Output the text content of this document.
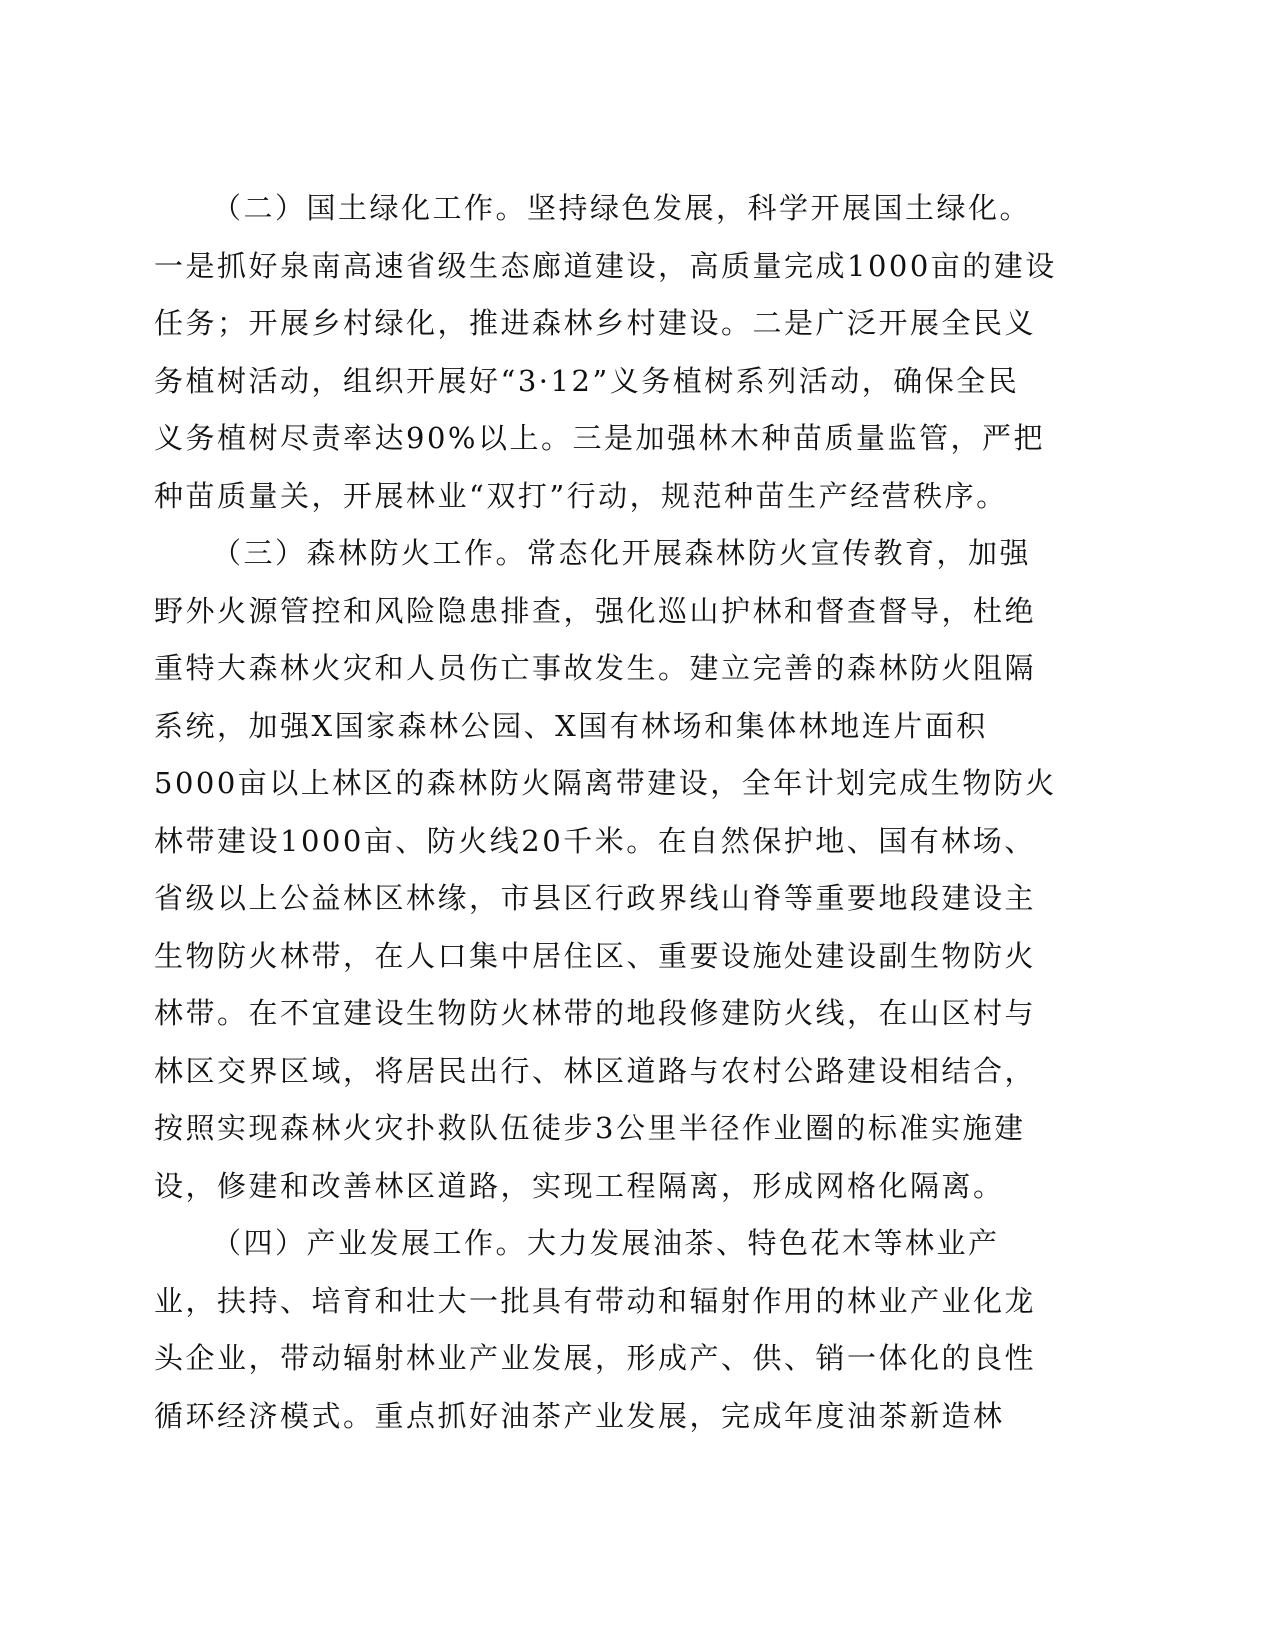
（二）国土绿化工作。坚持绿色发展，科学开展国土绿化。
一是抓好泉南高速省级生态廊道建设，高质量完成1000亩的建设
任务；开展乡村绿化，推进森林乡村建设。二是广泛开展全民义
务植树活动，组织开展好“3·12”义务植树系列活动，确保全民
义务植树尽责率达90%以上。三是加强林木种苗质量监管，严把
种苗质量关，开展林业“双打”行动，规范种苗生产经营秩序。
（三）森林防火工作。常态化开展森林防火宣传教育，加强
野外火源管控和风险隐患排查，强化巡山护林和督查督导，杜绝
重特大森林火灾和人员伤亡事故发生。建立完善的森林防火阻隔
系统，加强X国家森林公园、X国有林场和集体林地连片面积
5000亩以上林区的森林防火隔离带建设，全年计划完成生物防火
林带建设1000亩、防火线20千米。在自然保护地、国有林场、
省级以上公益林区林缘，市县区行政界线山脊等重要地段建设主
生物防火林带，在人口集中居住区、重要设施处建设副生物防火
林带。在不宜建设生物防火林带的地段修建防火线，在山区村与
林区交界区域，将居民出行、林区道路与农村公路建设相结合，
按照实现森林火灾扑救队伍徒步3公里半径作业圈的标准实施建
设，修建和改善林区道路，实现工程隔离，形成网格化隔离。
（四）产业发展工作。大力发展油茶、特色花木等林业产
业，扶持、培育和壮大一批具有带动和辐射作用的林业产业化龙
头企业，带动辐射林业产业发展，形成产、供、销一体化的良性
循环经济模式。重点抓好油茶产业发展，完成年度油茶新造林
